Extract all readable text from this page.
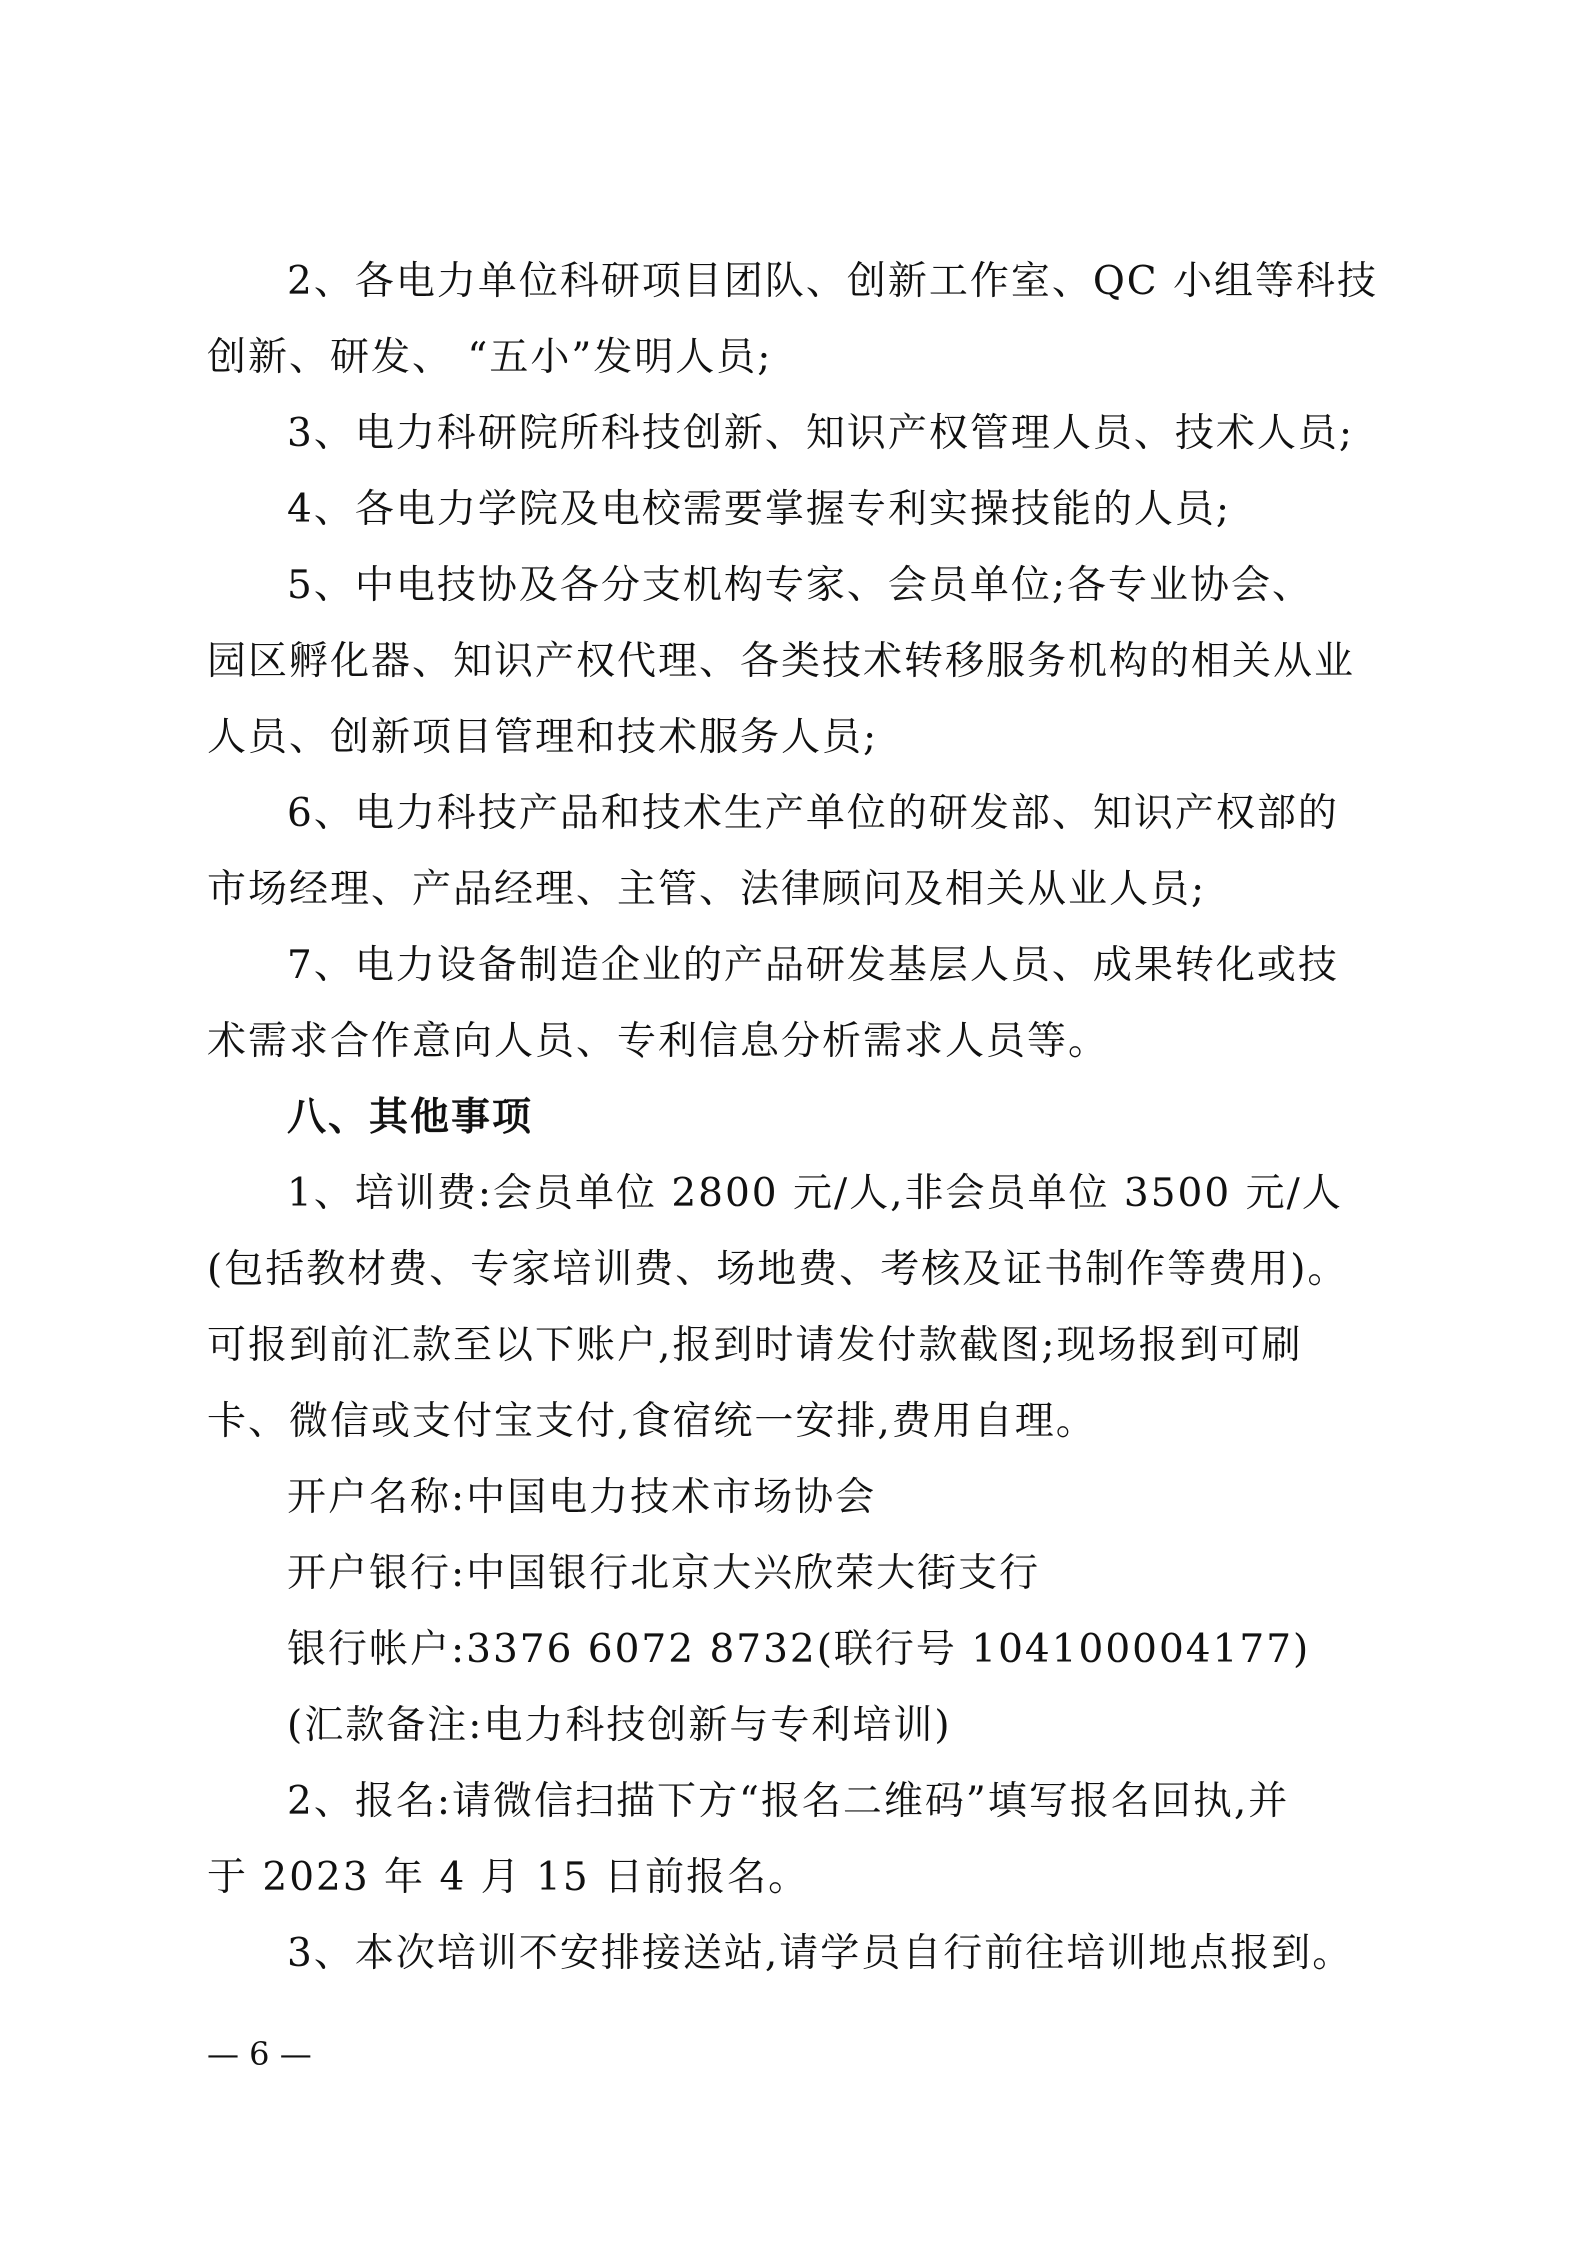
2、各电力单位科研项目团队、创新工作室、QC 小组等科技
创新、研发、 “五小”发明人员;
3、电力科研院所科技创新、知识产权管理人员、技术人员;
4、各电力学院及电校需要掌握专利实操技能的人员;
5、中电技协及各分支机构专家、会员单位;各专业协会、
园区孵化器、知识产权代理、各类技术转移服务机构的相关从业
人员、创新项目管理和技术服务人员;
6、电力科技产品和技术生产单位的研发部、知识产权部的
市场经理、产品经理、主管、法律顾问及相关从业人员;
7、电力设备制造企业的产品研发基层人员、成果转化或技
术需求合作意向人员、专利信息分析需求人员等。
八、其他事项
1、培训费:会员单位 2800 元/人,非会员单位 3500 元/人
(包括教材费、专家培训费、场地费、考核及证书制作等费用)。
可报到前汇款至以下账户,报到时请发付款截图;现场报到可刷
卡、微信或支付宝支付,食宿统一安排,费用自理。
开户名称:中国电力技术市场协会
开户银行:中国银行北京大兴欣荣大街支行
银行帐户:3376 6072 8732(联行号 104100004177)
(汇款备注:电力科技创新与专利培训)
2、报名:请微信扫描下方“报名二维码”填写报名回执,并
于 2023 年 4 月 15 日前报名。
3、本次培训不安排接送站,请学员自行前往培训地点报到。
— 6 —
